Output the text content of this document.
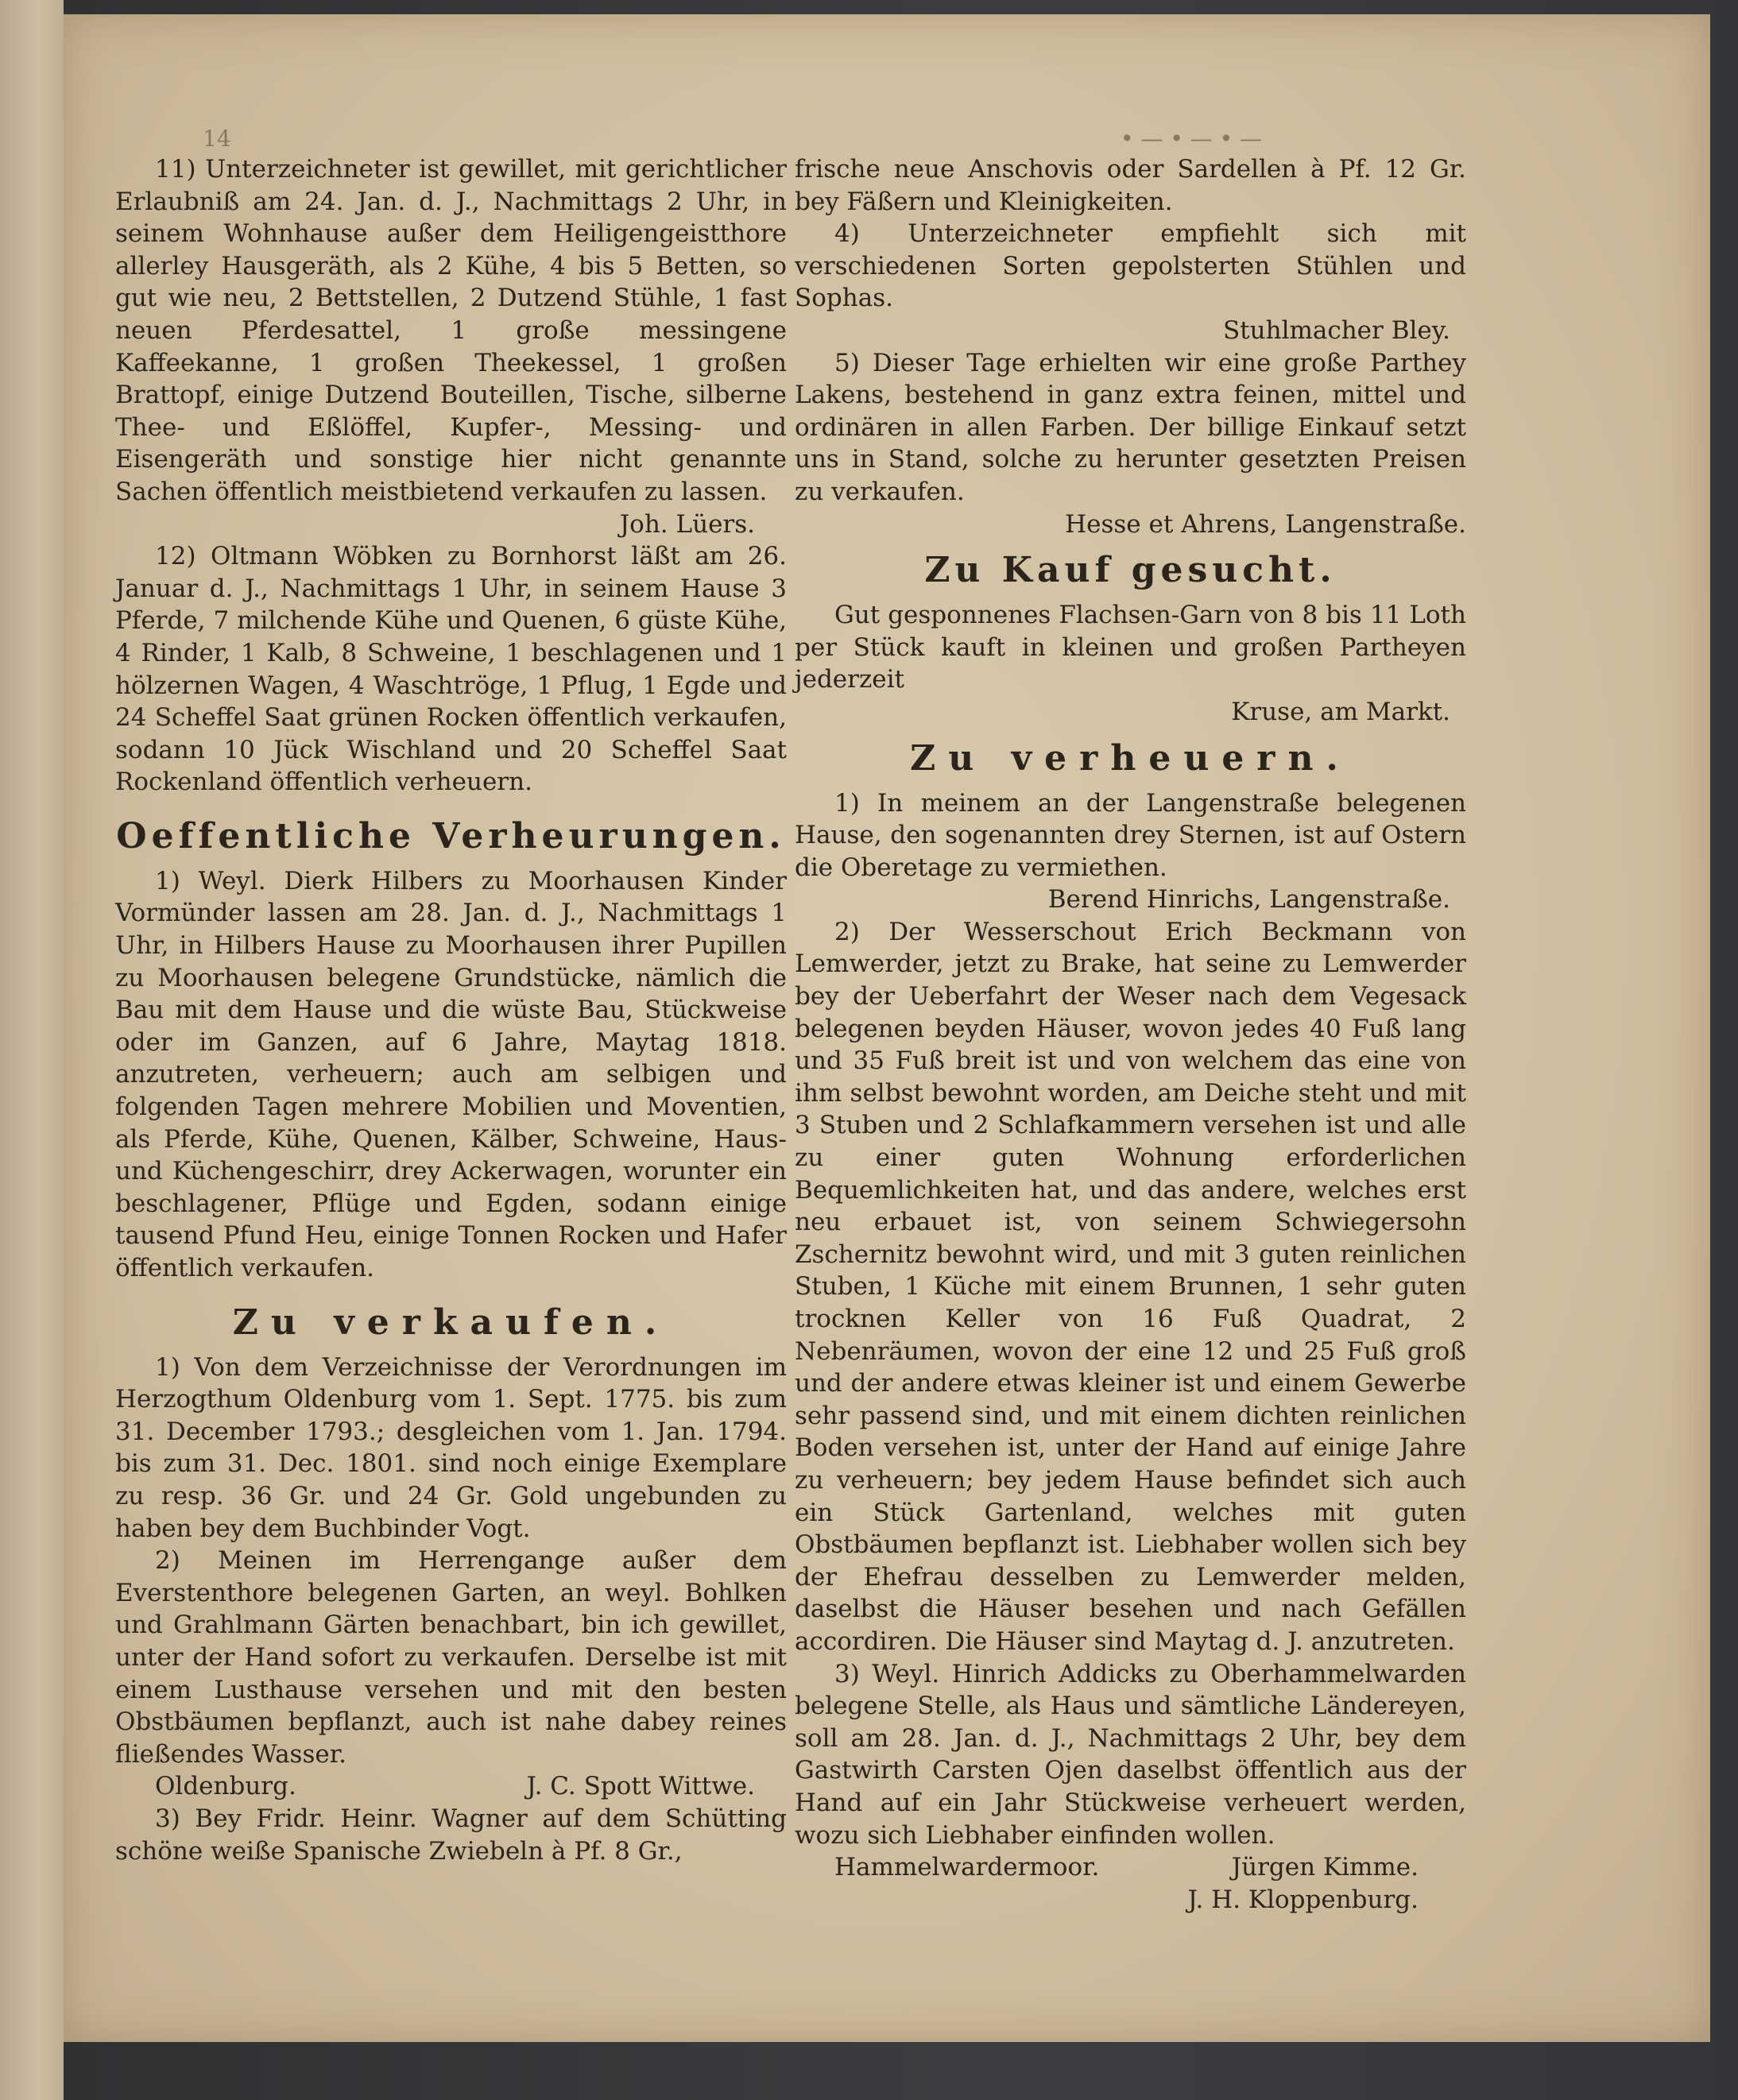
14	• — • — • —

11) Unterzeichneter ist gewillet, mit gerichtlicher Erlaubniß am 24. Jan. d. J., Nachmittags 2 Uhr, in seinem Wohnhause außer dem Heiligengeistthore allerley Hausgeräth, als 2 Kühe, 4 bis 5 Betten, so gut wie neu, 2 Bettstellen, 2 Dutzend Stühle, 1 fast neuen Pferdesattel, 1 große messingene Kaffeekanne, 1 großen Theekessel, 1 großen Brattopf, einige Dutzend Bouteillen, Tische, silberne Thee- und Eßlöffel, Kupfer-, Messing- und Eisengeräth und sonstige hier nicht genannte Sachen öffentlich meistbietend verkaufen zu lassen.

Joh. Lüers.

12) Oltmann Wöbken zu Bornhorst läßt am 26. Januar d. J., Nachmittags 1 Uhr, in seinem Hause 3 Pferde, 7 milchende Kühe und Quenen, 6 güste Kühe, 4 Rinder, 1 Kalb, 8 Schweine, 1 beschlagenen und 1 hölzernen Wagen, 4 Waschtröge, 1 Pflug, 1 Egde und 24 Scheffel Saat grünen Rocken öffentlich verkaufen, sodann 10 Jück Wischland und 20 Scheffel Saat Rockenland öffentlich verheuern.

Oeffentliche Verheurungen.

1) Weyl. Dierk Hilbers zu Moorhausen Kinder Vormünder lassen am 28. Jan. d. J., Nachmittags 1 Uhr, in Hilbers Hause zu Moorhausen ihrer Pupillen zu Moorhausen belegene Grundstücke, nämlich die Bau mit dem Hause und die wüste Bau, Stückweise oder im Ganzen, auf 6 Jahre, Maytag 1818. anzutreten, verheuern; auch am selbigen und folgenden Tagen mehrere Mobilien und Moventien, als Pferde, Kühe, Quenen, Kälber, Schweine, Haus- und Küchengeschirr, drey Ackerwagen, worunter ein beschlagener, Pflüge und Egden, sodann einige tausend Pfund Heu, einige Tonnen Rocken und Hafer öffentlich verkaufen.

Zu verkaufen.

1) Von dem Verzeichnisse der Verordnungen im Herzogthum Oldenburg vom 1. Sept. 1775. bis zum 31. December 1793.; desgleichen vom 1. Jan. 1794. bis zum 31. Dec. 1801. sind noch einige Exemplare zu resp. 36 Gr. und 24 Gr. Gold ungebunden zu haben bey dem Buchbinder Vogt.

2) Meinen im Herrengange außer dem Everstenthore belegenen Garten, an weyl. Bohlken und Grahlmann Gärten benachbart, bin ich gewillet, unter der Hand sofort zu verkaufen. Derselbe ist mit einem Lusthause versehen und mit den besten Obstbäumen bepflanzt, auch ist nahe dabey reines fließendes Wasser.

Oldenburg.	J. C. Spott Wittwe.

3) Bey Fridr. Heinr. Wagner auf dem Schütting schöne weiße Spanische Zwiebeln à Pf. 8 Gr.,

frische neue Anschovis oder Sardellen à Pf. 12 Gr. bey Fäßern und Kleinigkeiten.

4) Unterzeichneter empfiehlt sich mit verschiedenen Sorten gepolsterten Stühlen und Sophas.

Stuhlmacher Bley.

5) Dieser Tage erhielten wir eine große Parthey Lakens, bestehend in ganz extra feinen, mittel und ordinären in allen Farben. Der billige Einkauf setzt uns in Stand, solche zu herunter gesetzten Preisen zu verkaufen.

Hesse et Ahrens, Langenstraße.

Zu Kauf gesucht.

Gut gesponnenes Flachsen-Garn von 8 bis 11 Loth per Stück kauft in kleinen und großen Partheyen jederzeit

Kruse, am Markt.

Zu verheuern.

1) In meinem an der Langenstraße belegenen Hause, den sogenannten drey Sternen, ist auf Ostern die Oberetage zu vermiethen.

Berend Hinrichs, Langenstraße.

2) Der Wesserschout Erich Beckmann von Lemwerder, jetzt zu Brake, hat seine zu Lemwerder bey der Ueberfahrt der Weser nach dem Vegesack belegenen beyden Häuser, wovon jedes 40 Fuß lang und 35 Fuß breit ist und von welchem das eine von ihm selbst bewohnt worden, am Deiche steht und mit 3 Stuben und 2 Schlafkammern versehen ist und alle zu einer guten Wohnung erforderlichen Bequemlichkeiten hat, und das andere, welches erst neu erbauet ist, von seinem Schwiegersohn Zschernitz bewohnt wird, und mit 3 guten reinlichen Stuben, 1 Küche mit einem Brunnen, 1 sehr guten trocknen Keller von 16 Fuß Quadrat, 2 Nebenräumen, wovon der eine 12 und 25 Fuß groß und der andere etwas kleiner ist und einem Gewerbe sehr passend sind, und mit einem dichten reinlichen Boden versehen ist, unter der Hand auf einige Jahre zu verheuern; bey jedem Hause befindet sich auch ein Stück Gartenland, welches mit guten Obstbäumen bepflanzt ist. Liebhaber wollen sich bey der Ehefrau desselben zu Lemwerder melden, daselbst die Häuser besehen und nach Gefällen accordiren. Die Häuser sind Maytag d. J. anzutreten.

3) Weyl. Hinrich Addicks zu Oberhammelwarden belegene Stelle, als Haus und sämtliche Ländereyen, soll am 28. Jan. d. J., Nachmittags 2 Uhr, bey dem Gastwirth Carsten Ojen daselbst öffentlich aus der Hand auf ein Jahr Stückweise verheuert werden, wozu sich Liebhaber einfinden wollen.

Hammelwardermoor.	Jürgen Kimme.

J. H. Kloppenburg.
